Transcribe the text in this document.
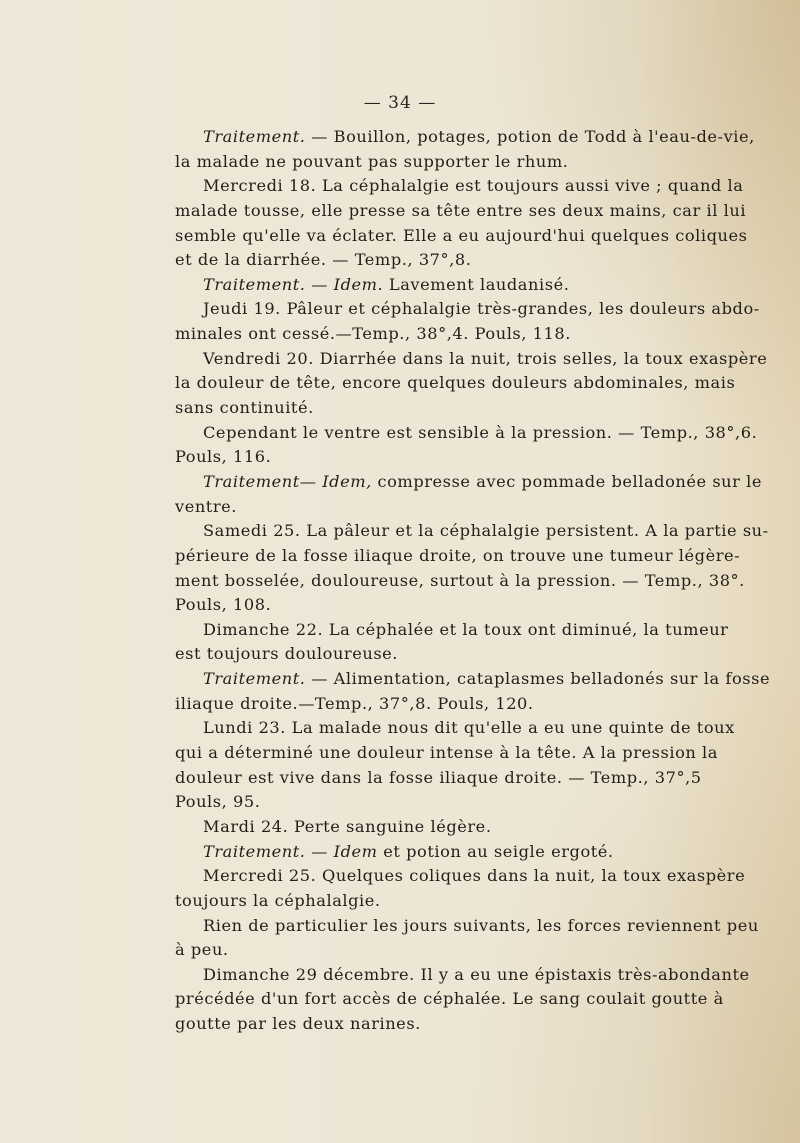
— 34 —
Traitement. — Bouillon, potages, potion de Todd à l'eau-de-vie,
la malade ne pouvant pas supporter le rhum.
Mercredi 18. La céphalalgie est toujours aussi vive ; quand la
malade tousse, elle presse sa tête entre ses deux mains, car il lui
semble qu'elle va éclater. Elle a eu aujourd'hui quelques coliques
et de la diarrhée. — Temp., 37°,8.
Traitement. — Idem. Lavement laudanisé.
Jeudi 19. Pâleur et céphalalgie très-grandes, les douleurs abdo-
minales ont cessé.—Temp., 38°,4. Pouls, 118.
Vendredi 20. Diarrhée dans la nuit, trois selles, la toux exaspère
la douleur de tête, encore quelques douleurs abdominales, mais
sans continuité.
Cependant le ventre est sensible à la pression. — Temp., 38°,6.
Pouls, 116.
Traitement— Idem, compresse avec pommade belladonée sur le
ventre.
Samedi 25. La pâleur et la céphalalgie persistent. A la partie su-
périeure de la fosse iliaque droite, on trouve une tumeur légère-
ment bosselée, douloureuse, surtout à la pression. — Temp., 38°.
Pouls, 108.
Dimanche 22. La céphalée et la toux ont diminué, la tumeur
est toujours douloureuse.
Traitement. — Alimentation, cataplasmes belladonés sur la fosse
iliaque droite.—Temp., 37°,8. Pouls, 120.
Lundi 23. La malade nous dit qu'elle a eu une quinte de toux
qui a déterminé une douleur intense à la tête. A la pression la
douleur est vive dans la fosse iliaque droite. — Temp., 37°,5
Pouls, 95.
Mardi 24. Perte sanguine légère.
Traitement. — Idem et potion au seigle ergoté.
Mercredi 25. Quelques coliques dans la nuit, la toux exaspère
toujours la céphalalgie.
Rien de particulier les jours suivants, les forces reviennent peu
à peu.
Dimanche 29 décembre. Il y a eu une épistaxis très-abondante
précédée d'un fort accès de céphalée. Le sang coulait goutte à
goutte par les deux narines.
